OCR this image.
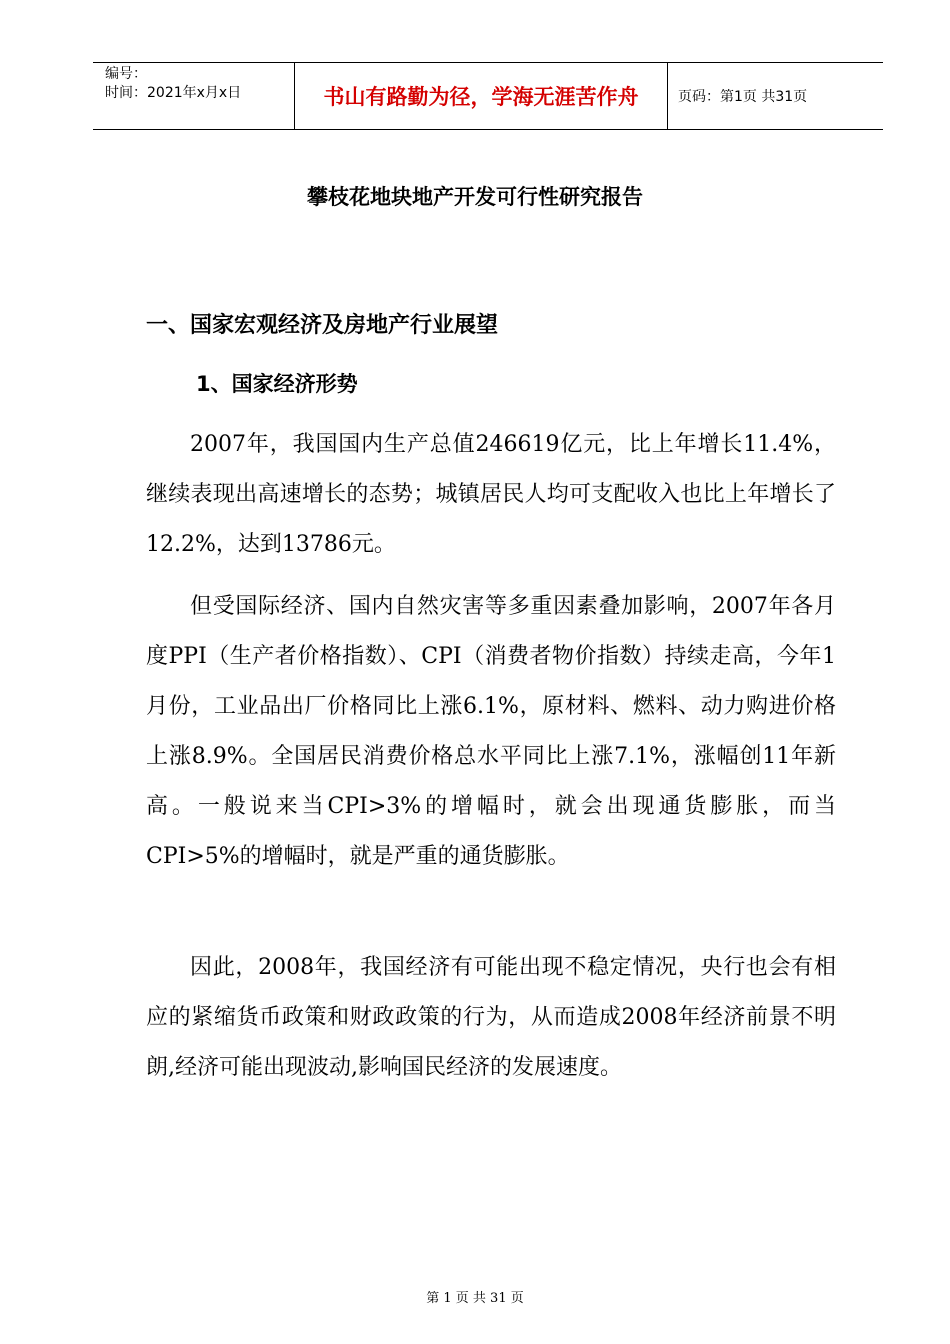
编号：
时间：2021年x月x日	书山有路勤为径，学海无涯苦作舟	页码：第1页 共31页
攀枝花地块地产开发可行性研究报告
一、国家宏观经济及房地产行业展望
1、国家经济形势

2007年，我国国内生产总值246619亿元，比上年增长11.4%，继续表现出高速增长的态势；城镇居民人均可支配收入也比上年增长了12.2%，达到13786元。

但受国际经济、国内自然灾害等多重因素叠加影响，2007年各月度PPI（生产者价格指数）、CPI（消费者物价指数）持续走高，今年1月份，工业品出厂价格同比上涨6.1%，原材料、燃料、动力购进价格上涨8.9%。全国居民消费价格总水平同比上涨7.1%，涨幅创11年新高。一般说来当CPI>3%的增幅时，就会出现通货膨胀，而当CPI>5%的增幅时，就是严重的通货膨胀。

因此，2008年，我国经济有可能出现不稳定情况，央行也会有相应的紧缩货币政策和财政政策的行为，从而造成2008年经济前景不明朗,经济可能出现波动,影响国民经济的发展速度。

第 1 页 共 31 页
